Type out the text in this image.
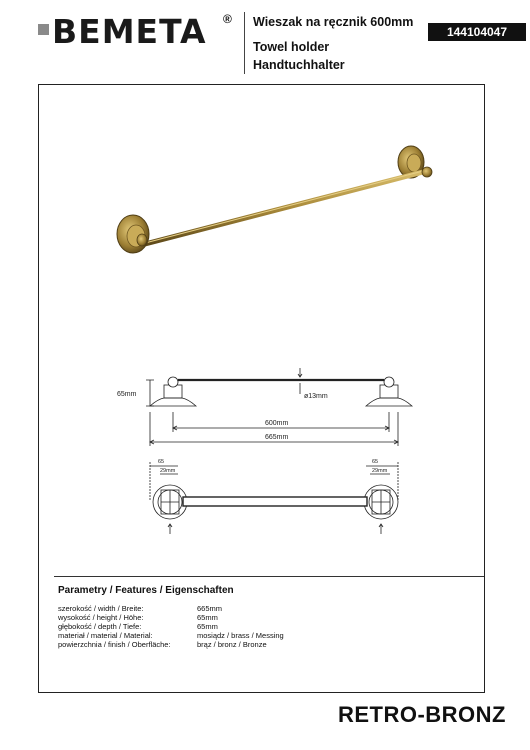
BEMETA ® Wieszak na ręcznik 600mm
Towel holder
Handtuchhalter
144104047
65mm	ø13mm
600mm
665mm
65
29mm
65
29mm
Parametry / Features / Eigenschaften
szerokość / width / Breite:	665mm
wysokość / height / Höhe:	65mm
głębokość / depth / Tiefe:	65mm
materiał / material / Material:	mosiądz / brass / Messing
powierzchnia / finish / Oberfläche:	brąz / bronz / Bronze
RETRO-BRONZ
